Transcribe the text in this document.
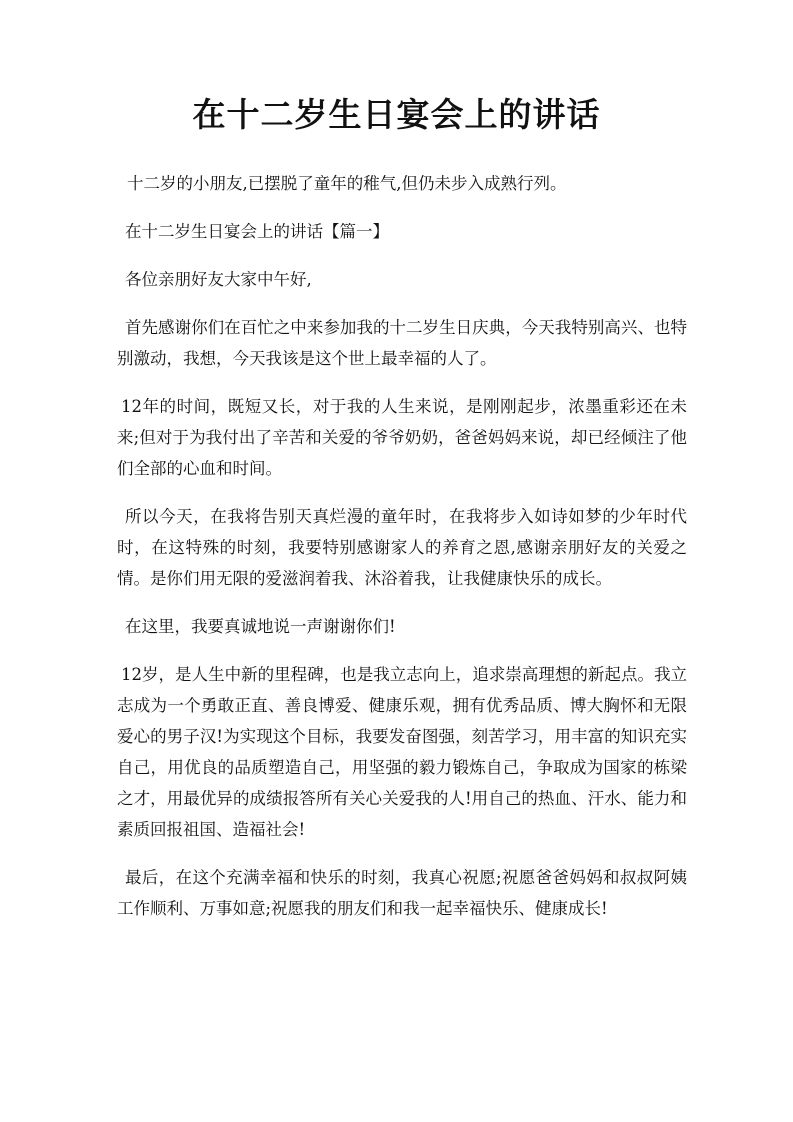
在十二岁生日宴会上的讲话

十二岁的小朋友,已摆脱了童年的稚气,但仍未步入成熟行列。

在十二岁生日宴会上的讲话【篇一】

各位亲朋好友大家中午好,

首先感谢你们在百忙之中来参加我的十二岁生日庆典，今天我特别高兴、也特别激动，我想，今天我该是这个世上最幸福的人了。

12年的时间，既短又长，对于我的人生来说，是刚刚起步，浓墨重彩还在未来;但对于为我付出了辛苦和关爱的爷爷奶奶，爸爸妈妈来说，却已经倾注了他们全部的心血和时间。

所以今天，在我将告别天真烂漫的童年时，在我将步入如诗如梦的少年时代时，在这特殊的时刻，我要特别感谢家人的养育之恩,感谢亲朋好友的关爱之情。是你们用无限的爱滋润着我、沐浴着我，让我健康快乐的成长。

在这里，我要真诚地说一声谢谢你们!

12岁，是人生中新的里程碑，也是我立志向上，追求崇高理想的新起点。我立志成为一个勇敢正直、善良博爱、健康乐观，拥有优秀品质、博大胸怀和无限爱心的男子汉!为实现这个目标，我要发奋图强，刻苦学习，用丰富的知识充实自己，用优良的品质塑造自己，用坚强的毅力锻炼自己，争取成为国家的栋梁之才，用最优异的成绩报答所有关心关爱我的人!用自己的热血、汗水、能力和素质回报祖国、造福社会!

最后，在这个充满幸福和快乐的时刻，我真心祝愿;祝愿爸爸妈妈和叔叔阿姨工作顺利、万事如意;祝愿我的朋友们和我一起幸福快乐、健康成长!
